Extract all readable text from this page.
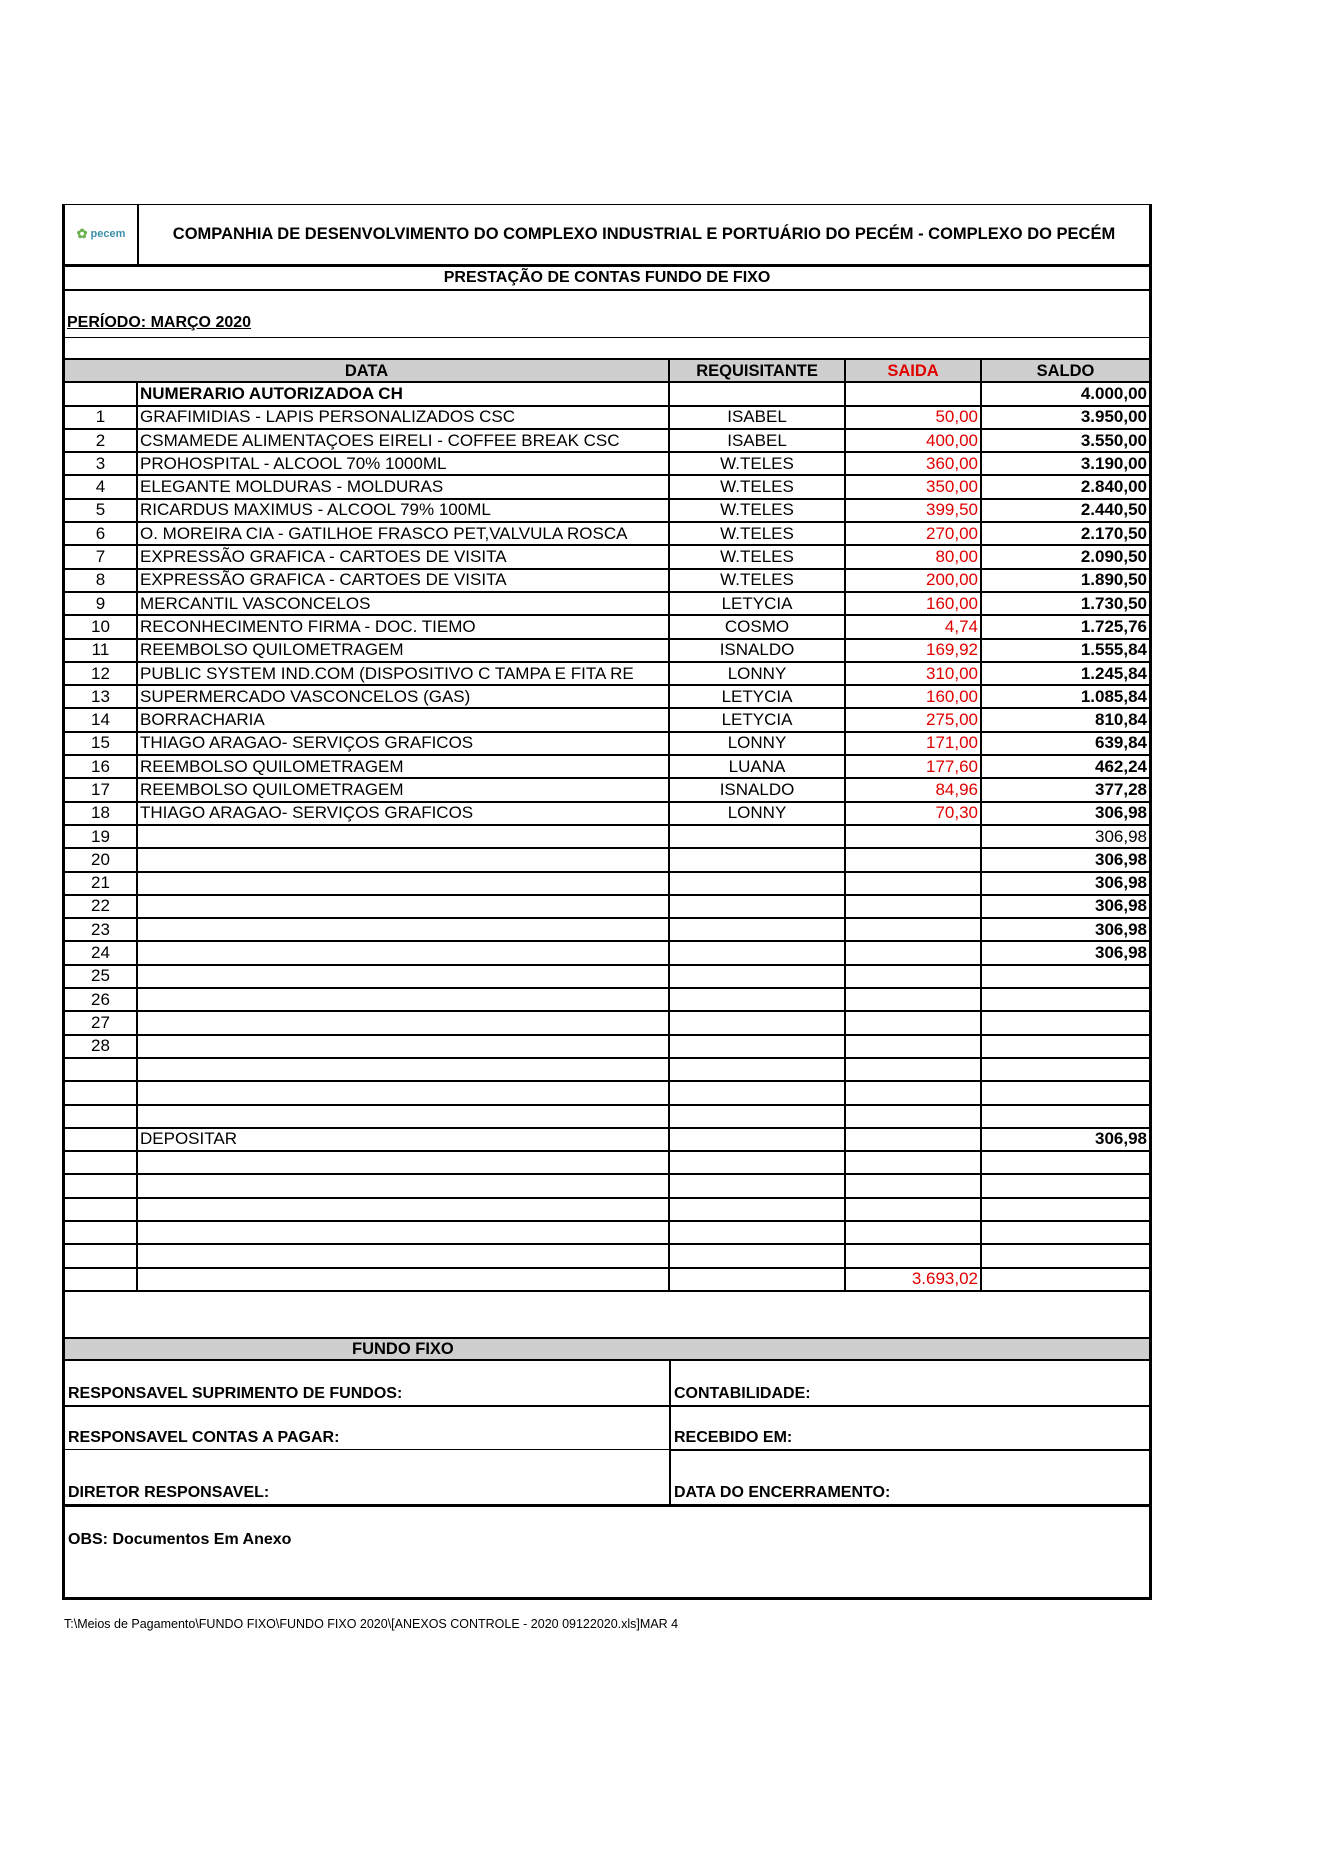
✿ pecem	COMPANHIA DE DESENVOLVIMENTO DO COMPLEXO INDUSTRIAL E PORTUÁRIO DO PECÉM - COMPLEXO DO PECÉM
PRESTAÇÃO DE CONTAS FUNDO DE FIXO
PERÍODO: MARÇO 2020
DATA		REQUISITANTE	SAIDA	SALDO
	NUMERARIO AUTORIZADOA CH			4.000,00
1	GRAFIMIDIAS - LAPIS PERSONALIZADOS CSC	ISABEL	50,00	3.950,00
2	CSMAMEDE ALIMENTAÇOES EIRELI - COFFEE BREAK CSC	ISABEL	400,00	3.550,00
3	PROHOSPITAL - ALCOOL 70% 1000ML	W.TELES	360,00	3.190,00
4	ELEGANTE MOLDURAS - MOLDURAS	W.TELES	350,00	2.840,00
5	RICARDUS MAXIMUS - ALCOOL 79% 100ML	W.TELES	399,50	2.440,50
6	O. MOREIRA CIA - GATILHOE FRASCO PET,VALVULA ROSCA	W.TELES	270,00	2.170,50
7	EXPRESSÃO GRAFICA - CARTOES DE VISITA	W.TELES	80,00	2.090,50
8	EXPRESSÃO GRAFICA - CARTOES DE VISITA	W.TELES	200,00	1.890,50
9	MERCANTIL VASCONCELOS	LETYCIA	160,00	1.730,50
10	RECONHECIMENTO FIRMA - DOC. TIEMO	COSMO	4,74	1.725,76
11	REEMBOLSO QUILOMETRAGEM	ISNALDO	169,92	1.555,84
12	PUBLIC SYSTEM IND.COM (DISPOSITIVO C TAMPA E FITA RE	LONNY	310,00	1.245,84
13	SUPERMERCADO VASCONCELOS (GAS)	LETYCIA	160,00	1.085,84
14	BORRACHARIA	LETYCIA	275,00	810,84
15	THIAGO ARAGAO- SERVIÇOS GRAFICOS	LONNY	171,00	639,84
16	REEMBOLSO QUILOMETRAGEM	LUANA	177,60	462,24
17	REEMBOLSO QUILOMETRAGEM	ISNALDO	84,96	377,28
18	THIAGO ARAGAO- SERVIÇOS GRAFICOS	LONNY	70,30	306,98
19				306,98
20				306,98
21				306,98
22				306,98
23				306,98
24				306,98
25				
26				
27				
28				

	DEPOSITAR			306,98

			3.693,02	
FUNDO FIXO
RESPONSAVEL SUPRIMENTO DE FUNDOS:
RESPONSAVEL CONTAS A PAGAR:
DIRETOR RESPONSAVEL:
CONTABILIDADE:
RECEBIDO EM:
DATA DO ENCERRAMENTO:
OBS: Documentos Em Anexo
T:\Meios de Pagamento\FUNDO FIXO\FUNDO FIXO 2020\[ANEXOS CONTROLE - 2020 09122020.xls]MAR 4
